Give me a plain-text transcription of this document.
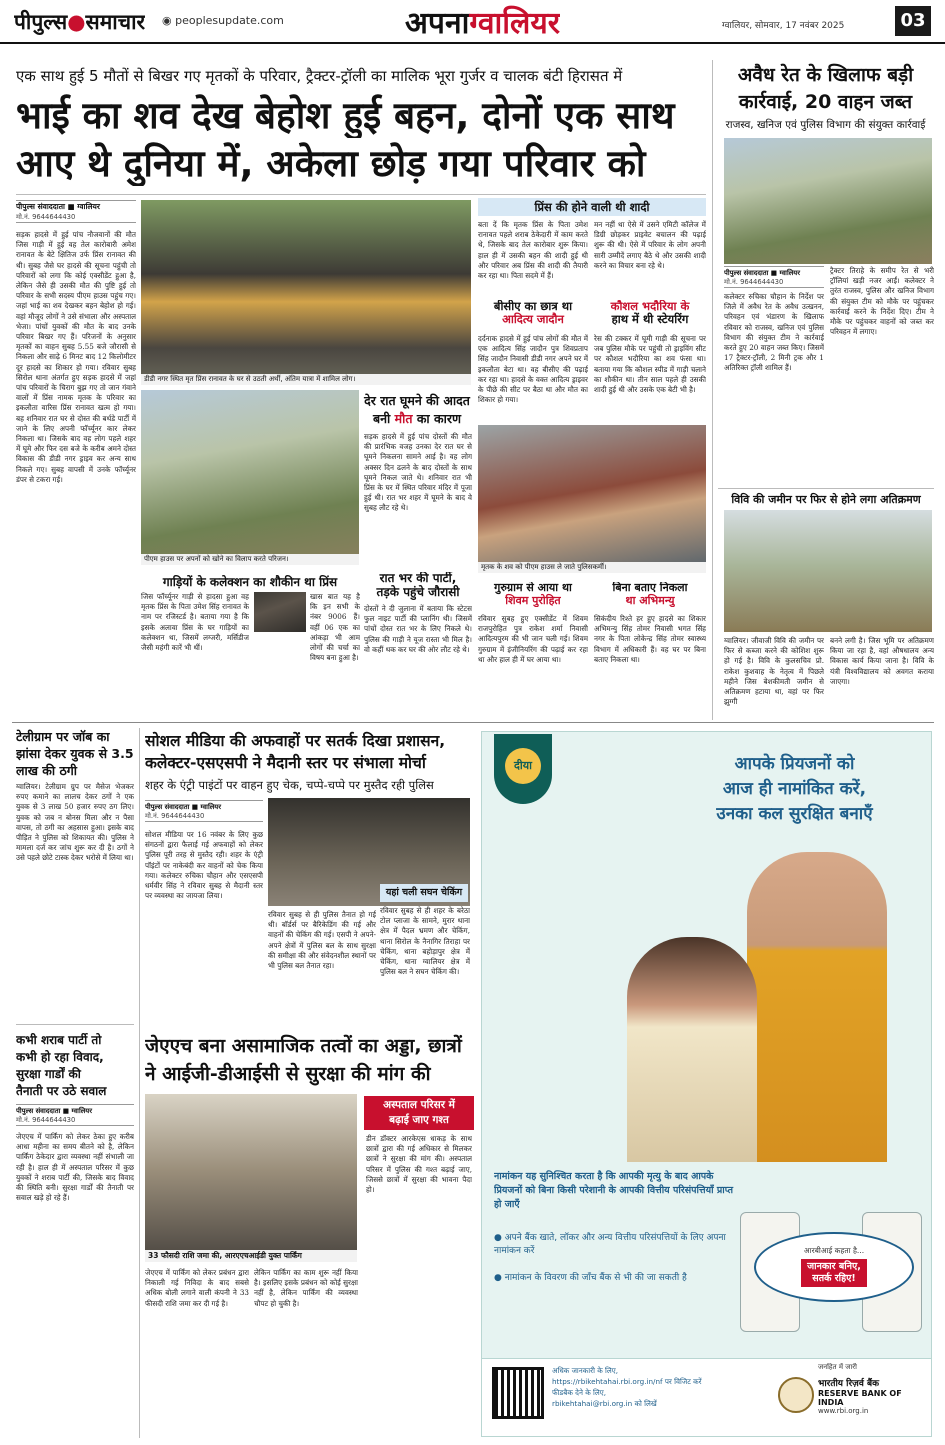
पीपुल्स●समाचार ◉ peoplesupdate.com	अपनाग्वालियर	ग्वालियर, सोमवार, 17 नवंबर 2025	03
एक साथ हुई 5 मौतों से बिखर गए मृतकों के परिवार, ट्रैक्टर-ट्रॉली का मालिक भूरा गुर्जर व चालक बंटी हिरासत में
भाई का शव देख बेहोश हुई बहन, दोनों एक साथ
आए थे दुनिया में, अकेला छोड़ गया परिवार को
पीपुल्स संवाददाता ■ ग्वालियर
मो.नं. 9644644430
सड़क हादसे में हुई पांच नौजवानों की मौत जिस गाड़ी में हुई वह तेल कारोबारी अमेश रानावत के बेटे क्षितिज उर्फ प्रिंस रानावत की थी। सुबह जैसे घर हादसे की सूचना पहुंची तो परिवारों को लगा कि कोई एक्सीडेंट हुआ है, लेकिन जैसे ही उसकी मौत की पुष्टि हुई तो परिवार के सभी सदस्य पीएम हाउस पहुंच गए। जहां भाई का शव देखकर बहन बेहोश हो गई। वहां मौजूद लोगों ने उसे संभाला और अस्पताल भेजा। पांचों युवकों की मौत के बाद उनके परिवार बिखर गए हैं। परिजनों के अनुसार मृतकों का वाहन सुबह 5.55 बजे जौरासी से निकला और साढ़े 6 मिनट बाद 12 किलोमीटर दूर हादसे का शिकार हो गया। रविवार सुबह सिरोल थाना अंतर्गत हुए सड़क हादसे में जहां पांच परिवारों के चिराग बुझ गए तो जान गंवाने वालों में प्रिंस नामक मृतक के परिवार का इकलौता वारिस प्रिंस रानावत खत्म हो गया। बह शनिवार रात घर से दोस्त की बर्थडे पार्टी में जाने के लिए अपनी फॉर्च्यूनर कार लेकर निकला था। जिसके बाद वह लोग पहले शहर में घूमे और फिर दस बजे के करीब अमने दोस्त विकास की डीडी नगर ड्राइव कर अन्य साथ निकले गए। सुबह वापसी में उनके फॉर्च्यूनर डंपर से टकरा गई।
डीडी नगर स्थित मृत प्रिंस रानावत के घर से उठती अर्थी, अंतिम यात्रा में शामिल लोग।
पीएम हाउस पर अपनों को खोने का विलाप करते परिजन।
देर रात घूमने की आदत
बनी मौत का कारण
सड़क हादसे में हुई पांच दोस्तों की मौत की प्रारंभिक वजह उनका देर रात घर से घूमने निकलना सामने आई है। वह लोग अक्सर दिन ढलने के बाद दोस्तों के साथ घूमने निकल जाते थे। शनिवार रात भी प्रिंस के घर में स्थित परिवार मंदिर में पूजा हुई थी। रात भर शहर में घूमने के बाद वे सुबह लौट रहे थे।
रात भर की पार्टी,
तड़के पहुंचे जौरासी
दोस्तों ने दी जुलाना में बताया कि स्टेटस फुल नाइट पार्टी की प्लानिंग थी। जिसमें पांचों दोस्त रात भर के लिए निकले थे। पुलिस की गाड़ी ने यूज रास्ता भी मिल है। वो कहीं थक कर घर की ओर लौट रहे थे।
गाड़ियों के कलेक्शन का शौकीन था प्रिंस
जिस फॉर्च्यूनर गाड़ी से हादसा हुआ वह मृतक प्रिंस के पिता उमेश सिंह रानावत के नाम पर रजिस्टर्ड है। बताया गया है कि इसके अलावा प्रिंस के घर गाड़ियों का कलेक्शन था, जिसमें लग्जरी, मर्सिडीज जैसी महंगी कारें भी थीं।
खास बात यह है कि इन सभी के नंबर 9006 हैं। वहीं 06 एक का आंकड़ा भी आम लोगों की चर्चा का विषय बना हुआ है।
प्रिंस की होने वाली थी शादी
बता दें कि मृतक प्रिंस के पिता उमेश रानावत पहले शराब ठेकेदारी में काम करते थे, जिसके बाद तेल कारोबार शुरू किया। हाल ही में उसकी बहन की शादी हुई थी और परिवार अब प्रिंस की शादी की तैयारी कर रहा था। पिता सदमे में हैं।
मन नहीं था ऐसे में उसने एमिटी कॉलेज में डिग्री छोड़कर प्राइवेट बचालन की पढ़ाई शुरू की थी। ऐसे में परिवार के लोग अपनी सारी उम्मीदें लगाए बैठे थे और उसकी शादी करने का विचार बना रहे थे।
बीसीए का छात्र था
आदित्य जादौन
दर्दनाक हादसे में हुई पांच लोगों की मौत में एक आदित्य सिंह जादौन पुत्र शिवप्रताप सिंह जादौन निवासी डीडी नगर अपने घर में इकलौता बेटा था। वह बीसीए की पढ़ाई कर रहा था। हादसे के वक्त आदित्य ड्राइवर के पीछे की सीट पर बैठा था और मौत का शिकार हो गया।
कौशल भदौरिया के
हाथ में थी स्टेयरिंग
रेस की टक्कर में घूमी गाड़ी की सूचना पर जब पुलिस मौके पर पहुंची तो ड्राइविंग सीट पर कौशल भदौरिया का शव फंसा था। बताया गया कि कौशल स्पीड में गाड़ी चलाने का शौकीन था। तीन साल पहले ही उसकी शादी हुई थी और उसके एक बेटी भी है।
मृतक के शव को पीएम हाउस ले जाते पुलिसकर्मी।
गुरुग्राम से आया था
शिवम पुरोहित
रविवार सुबह हुए एक्सीडेंट में शिवम राजपुरोहित पुत्र राकेश शर्मा निवासी आदित्यपुरम की भी जान चली गई। शिवम गुरुग्राम में इंजीनियरिंग की पढ़ाई कर रहा था और हाल ही में घर आया था।
बिना बताए निकला
था अभिमन्यु
सिकंदीय रिश्ते हर हुए हादसे का शिकार अभिमन्यु सिंह तोमर निवासी भगत सिंह नगर के पिता लोकेन्द्र सिंह तोमर स्वास्थ्य विभाग में अधिकारी हैं। वह घर पर बिना बताए निकला था।
अवैध रेत के खिलाफ बड़ी
कार्रवाई, 20 वाहन जब्त
राजस्व, खनिज एवं पुलिस विभाग की संयुक्त कार्रवाई
पीपुल्स संवाददाता ■ ग्वालियर
मो.नं. 9644644430
कलेक्टर रुचिका चौहान के निर्देश पर जिले में अवैध रेत के अवैध उत्खनन, परिवहन एवं भंडारण के खिलाफ रविवार को राजस्व, खनिज एवं पुलिस विभाग की संयुक्त टीम ने कार्रवाई करते हुए 20 वाहन जब्त किए। जिसमें 17 ट्रैक्टर-ट्रॉली, 2 मिनी ट्रक और 1 अतिरिक्त ट्रॉली शामिल हैं।
ट्रैक्टर तिराहे के समीप रेत से भरी ट्रॉलियां खड़ी नजर आईं। कलेक्टर ने तुरंत राजस्व, पुलिस और खनिज विभाग की संयुक्त टीम को मौके पर पहुंचकर कार्रवाई करने के निर्देश दिए। टीम ने मौके पर पहुंचकर वाहनों को जब्त कर परिवहन में लगाए।
विवि की जमीन पर फिर से होने लगा अतिक्रमण
ग्वालियर। जीवाजी विवि की जमीन पर फिर से कब्जा करने की कोशिश शुरू हो गई है। विवि के कुलसचिव प्रो. राकेश कुशवाह के नेतृत्व में पिछले महीने जिस बेशकीमती जमीन से अतिक्रमण हटाया था, वहां पर फिर झुग्गी
बनने लगी है। जिस भूमि पर अतिक्रमण किया जा रहा है, वहां औषधालय अन्य विकास कार्य किया जाना है। विवि के यंत्री विश्वविद्यालय को अवगत कराया जाएगा।
टेलीग्राम पर जॉब का झांसा देकर युवक से 3.5 लाख की ठगी
ग्वालियर। टेलीग्राम ग्रुप पर मैसेज भेजकर रुपए कमाने का लालच देकर ठगों ने एक युवक से 3 लाख 50 हजार रुपए ठग लिए। युवक को जब न बोनस मिला और न पैसा वापस, तो ठगी का अहसास हुआ। इसके बाद पीड़ित ने पुलिस को शिकायत की। पुलिस ने मामला दर्ज कर जांच शुरू कर दी है। ठगों ने उसे पहले छोटे टास्क देकर भरोसे में लिया था।
सोशल मीडिया की अफवाहों पर सतर्क दिखा प्रशासन,
कलेक्टर-एसएसपी ने मैदानी स्तर पर संभाला मोर्चा
शहर के एंट्री पाइंटों पर वाहन हुए चेक, चप्पे-चप्पे पर मुस्तैद रही पुलिस
पीपुल्स संवाददाता ■ ग्वालियर
मो.नं. 9644644430
सोशल मीडिया पर 16 नवंबर के लिए कुछ संगठनों द्वारा फैलाई गई अफवाहों को लेकर पुलिस पूरी तरह से मुस्तैद रही। शहर के एंट्री पॉइंटों पर नाकेबंदी कर वाहनों को चेक किया गया। कलेक्टर रुचिका चौहान और एसएसपी धर्मवीर सिंह ने रविवार सुबह से मैदानी स्तर पर व्यवस्था का जायजा लिया।
रविवार सुबह से ही पुलिस तैनात हो गई थी। बॉर्डर्स पर बैरिकेडिंग की गई और वाहनों की चेकिंग की गई। एसपी ने अपने-अपने क्षेत्रों में पुलिस बल के साथ सुरक्षा की समीक्षा की और संवेदनशील स्थानों पर भी पुलिस बल तैनात रहा।
यहां चली सघन चेकिंग
रविवार सुबह से ही शहर के बरेठा टोल प्लाजा के सामने, मुरार थाना क्षेत्र में पैदल भ्रमण और चेकिंग, थाना सिरोल के नैनागिर तिराहा पर चेकिंग, थाना बहोड़ापुर क्षेत्र में चेकिंग, थाना ग्वालियर क्षेत्र में पुलिस बल ने सघन चेकिंग की।
कभी शराब पार्टी तो
कभी हो रहा विवाद,
सुरक्षा गार्डों की
तैनाती पर उठे सवाल
पीपुल्स संवाददाता ■ ग्वालियर
मो.नं. 9644644430
जेएएच में पार्किंग को लेकर ठेका हुए करीब आधा महीना का समय बीतने को है, लेकिन पार्किंग ठेकेदार द्वारा व्यवस्था नहीं संभाली जा रही है। हाल ही में अस्पताल परिसर में कुछ युवकों ने शराब पार्टी की, जिसके बाद विवाद की स्थिति बनी। सुरक्षा गार्डों की तैनाती पर सवाल खड़े हो रहे हैं।
जेएएच बना असामाजिक तत्वों का अड्डा, छात्रों
ने आईजी-डीआईसी से सुरक्षा की मांग की
33 फौसदी राशि जमा की, आरएएचआईडी युक्त पार्किंग
जेएएच में पार्किंग को लेकर प्रबंधन द्वारा निकाली गई निविदा के बाद सबसे अधिक बोली लगाने वाली कंपनी ने 33 फीसदी राशि जमा कर दी गई है।
लेकिन पार्किंग का काम शुरू नहीं किया है। इसलिए इसके प्रबंधन को कोई सुरक्षा नहीं है, लेकिन पार्किंग की व्यवस्था चौपट हो चुकी है।
अस्पताल परिसर में
बढ़ाई जाए गश्त
डीन डॉक्टर आरकेएस धाकड़ के साथ छात्रों द्वारा की गई अधिकार से मिलकर छात्रों ने सुरक्षा की मांग की। अस्पताल परिसर में पुलिस की गश्त बढ़ाई जाए, जिससे छात्रों में सुरक्षा की भावना पैदा हो।
दीया	आपके प्रियजनों को
आज ही नामांकित करें,
उनका कल सुरक्षित बनाएँ
नामांकन यह सुनिश्चित करता है कि आपकी मृत्यु के बाद आपके प्रियजनों को बिना किसी परेशानी के आपकी वित्तीय परिसंपत्तियाँ प्राप्त हो जाएँ
● अपने बैंक खाते, लॉकर और अन्य वित्तीय परिसंपत्तियों के लिए अपना नामांकन करें
● नामांकन के विवरण की जाँच बैंक से भी की जा सकती है
आरबीआई कहता है...
जानकार बनिए,
सतर्क रहिए!
अधिक जानकारी के लिए,
https://rbikehtahai.rbi.org.in/nf पर विजिट करें
फीडबैक देने के लिए,
rbikehtahai@rbi.org.in को लिखें
जनहित में जारी
भारतीय रिज़र्व बैंक
RESERVE BANK OF INDIA
www.rbi.org.in
